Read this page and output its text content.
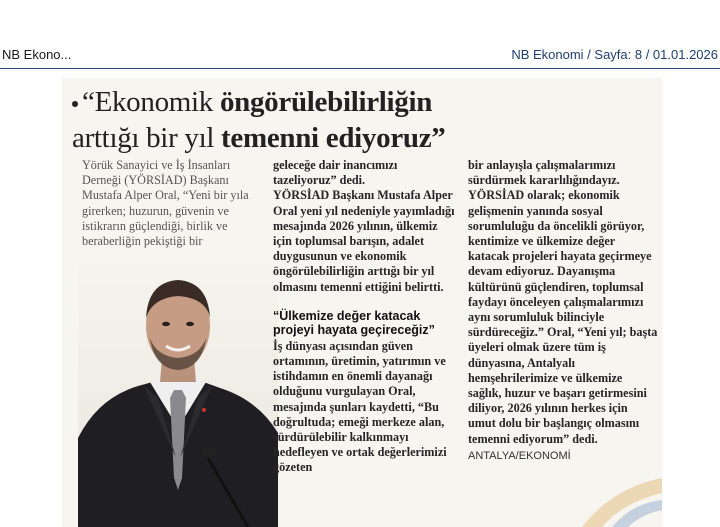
NB Ekono...	NB Ekonomi / Sayfa: 8 / 01.01.2026
“Ekonomik öngörülebilirliğin
arttığı bir yıl temenni ediyoruz”

Yörük Sanayici ve İş İnsanları Derneği (YÖRSİAD) Başkanı Mustafa Alper Oral, “Yeni bir yıla girerken; huzurun, güvenin ve istikrarın güçlendiği, birlik ve beraberliğin pekiştiği bir

geleceğe dair inancımızı tazeliyoruz” dedi.

YÖRSİAD Başkanı Mustafa Alper Oral yeni yıl nedeniyle yayımladığı mesajında 2026 yılının, ülkemiz için toplumsal barışın, adalet duygusunun ve ekonomik öngörülebilirliğin arttığı bir yıl olmasını temenni ettiğini belirtti.

“Ülkemize değer katacak projeyi hayata geçireceğiz”

İş dünyası açısından güven ortamının, üretimin, yatırımın ve istihdamın en önemli dayanağı olduğunu vurgulayan Oral, mesajında şunları kaydetti, “Bu doğrultuda; emeği merkeze alan, sürdürülebilir kalkınmayı hedefleyen ve ortak değerlerimizi gözeten

bir anlayışla çalışmalarımızı sürdürmek kararlılığındayız. YÖRSİAD olarak; ekonomik gelişmenin yanında sosyal sorumluluğu da öncelikli görüyor, kentimize ve ülkemize değer katacak projeleri hayata geçirmeye devam ediyoruz. Dayanışma kültürünü güçlendiren, toplumsal faydayı önceleyen çalışmalarımızı aynı sorumluluk bilinciyle sürdüreceğiz.” Oral, “Yeni yıl; başta üyeleri olmak üzere tüm iş dünyasına, Antalyalı hemşehrilerimize ve ülkemize sağlık, huzur ve başarı getirmesini diliyor, 2026 yılının herkes için umut dolu bir başlangıç olmasını temenni ediyorum” dedi.

ANTALYA/EKONOMİ
